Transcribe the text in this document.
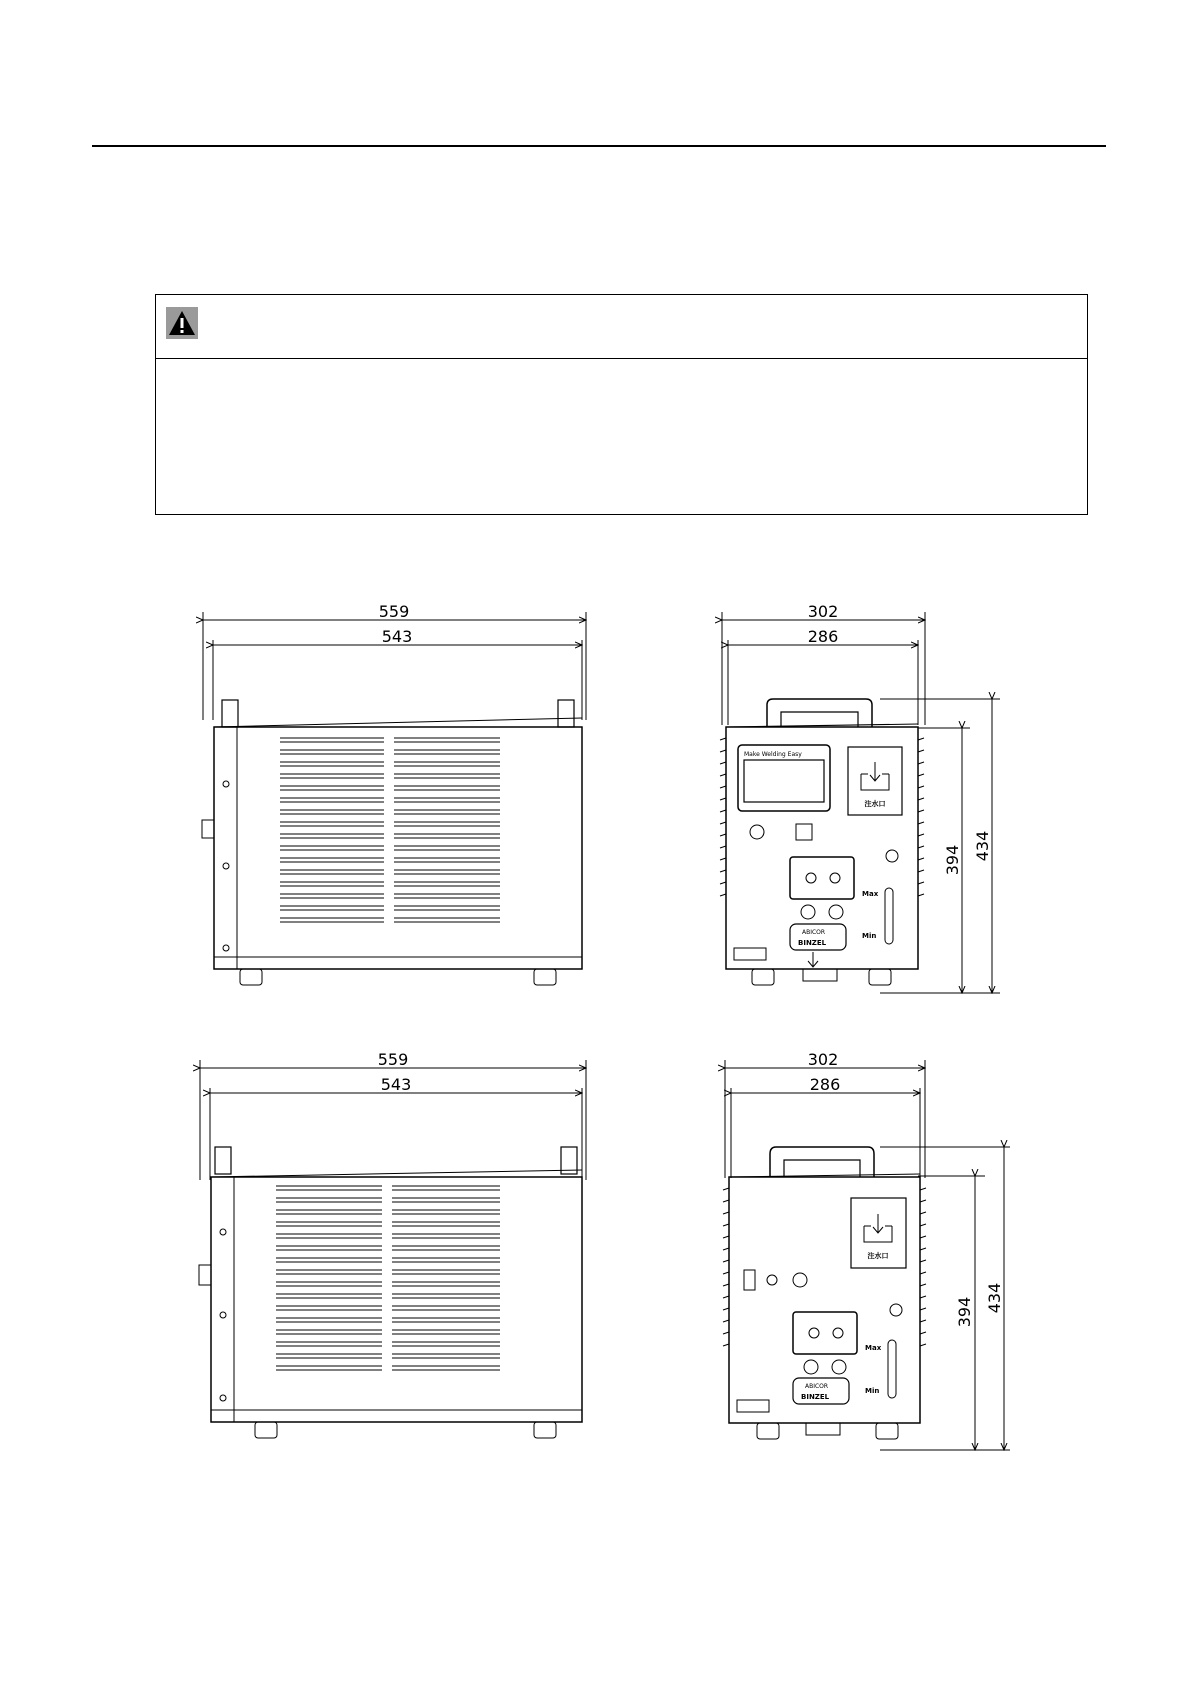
559
543
302
286
394 434
Make Welding Easy
注水口
Max
Min
ABICOR
BINZEL
559
543
302
286
394 434
注水口
Max
Min
ABICOR
BINZEL
